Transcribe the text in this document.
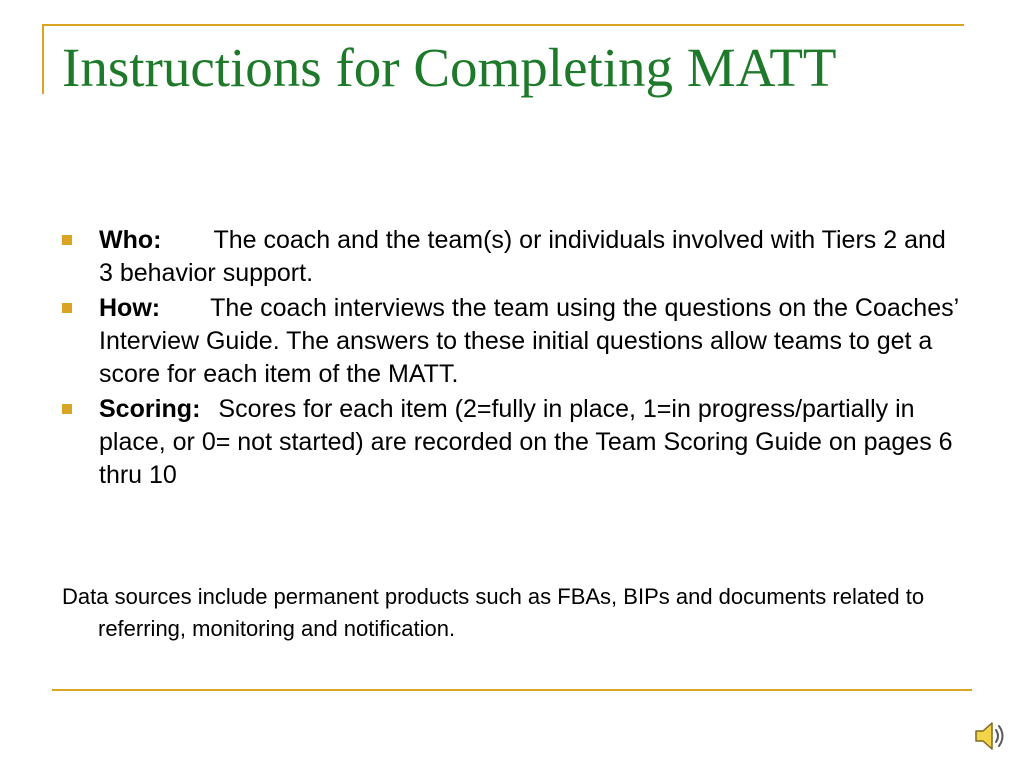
Instructions for Completing MATT
Who: The coach and the team(s) or individuals involved with Tiers 2 and 3 behavior support.
How: The coach interviews the team using the questions on the Coaches’ Interview Guide. The answers to these initial questions allow teams to get a score for each item of the MATT.
Scoring: Scores for each item (2=fully in place, 1=in progress/partially in place, or 0= not started) are recorded on the Team Scoring Guide on pages 6 thru 10

Data sources include permanent products such as FBAs, BIPs and documents related to referring, monitoring and notification.
